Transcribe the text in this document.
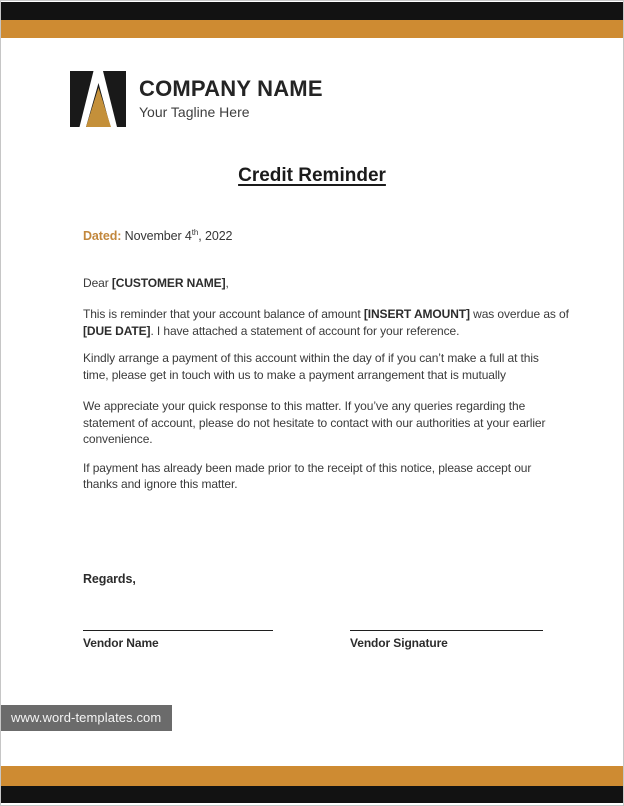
COMPANY NAME
Your Tagline Here
Credit Reminder
Dated: November 4th, 2022
Dear [CUSTOMER NAME],
This is reminder that your account balance of amount [INSERT AMOUNT] was overdue as of
[DUE DATE]. I have attached a statement of account for your reference.
Kindly arrange a payment of this account within the day of if you can’t make a full at this
time, please get in touch with us to make a payment arrangement that is mutually
We appreciate your quick response to this matter. If you’ve any queries regarding the
statement of account, please do not hesitate to contact with our authorities at your earlier
convenience.
If payment has already been made prior to the receipt of this notice, please accept our
thanks and ignore this matter.
Regards,
Vendor Name	Vendor Signature
www.word-templates.com
